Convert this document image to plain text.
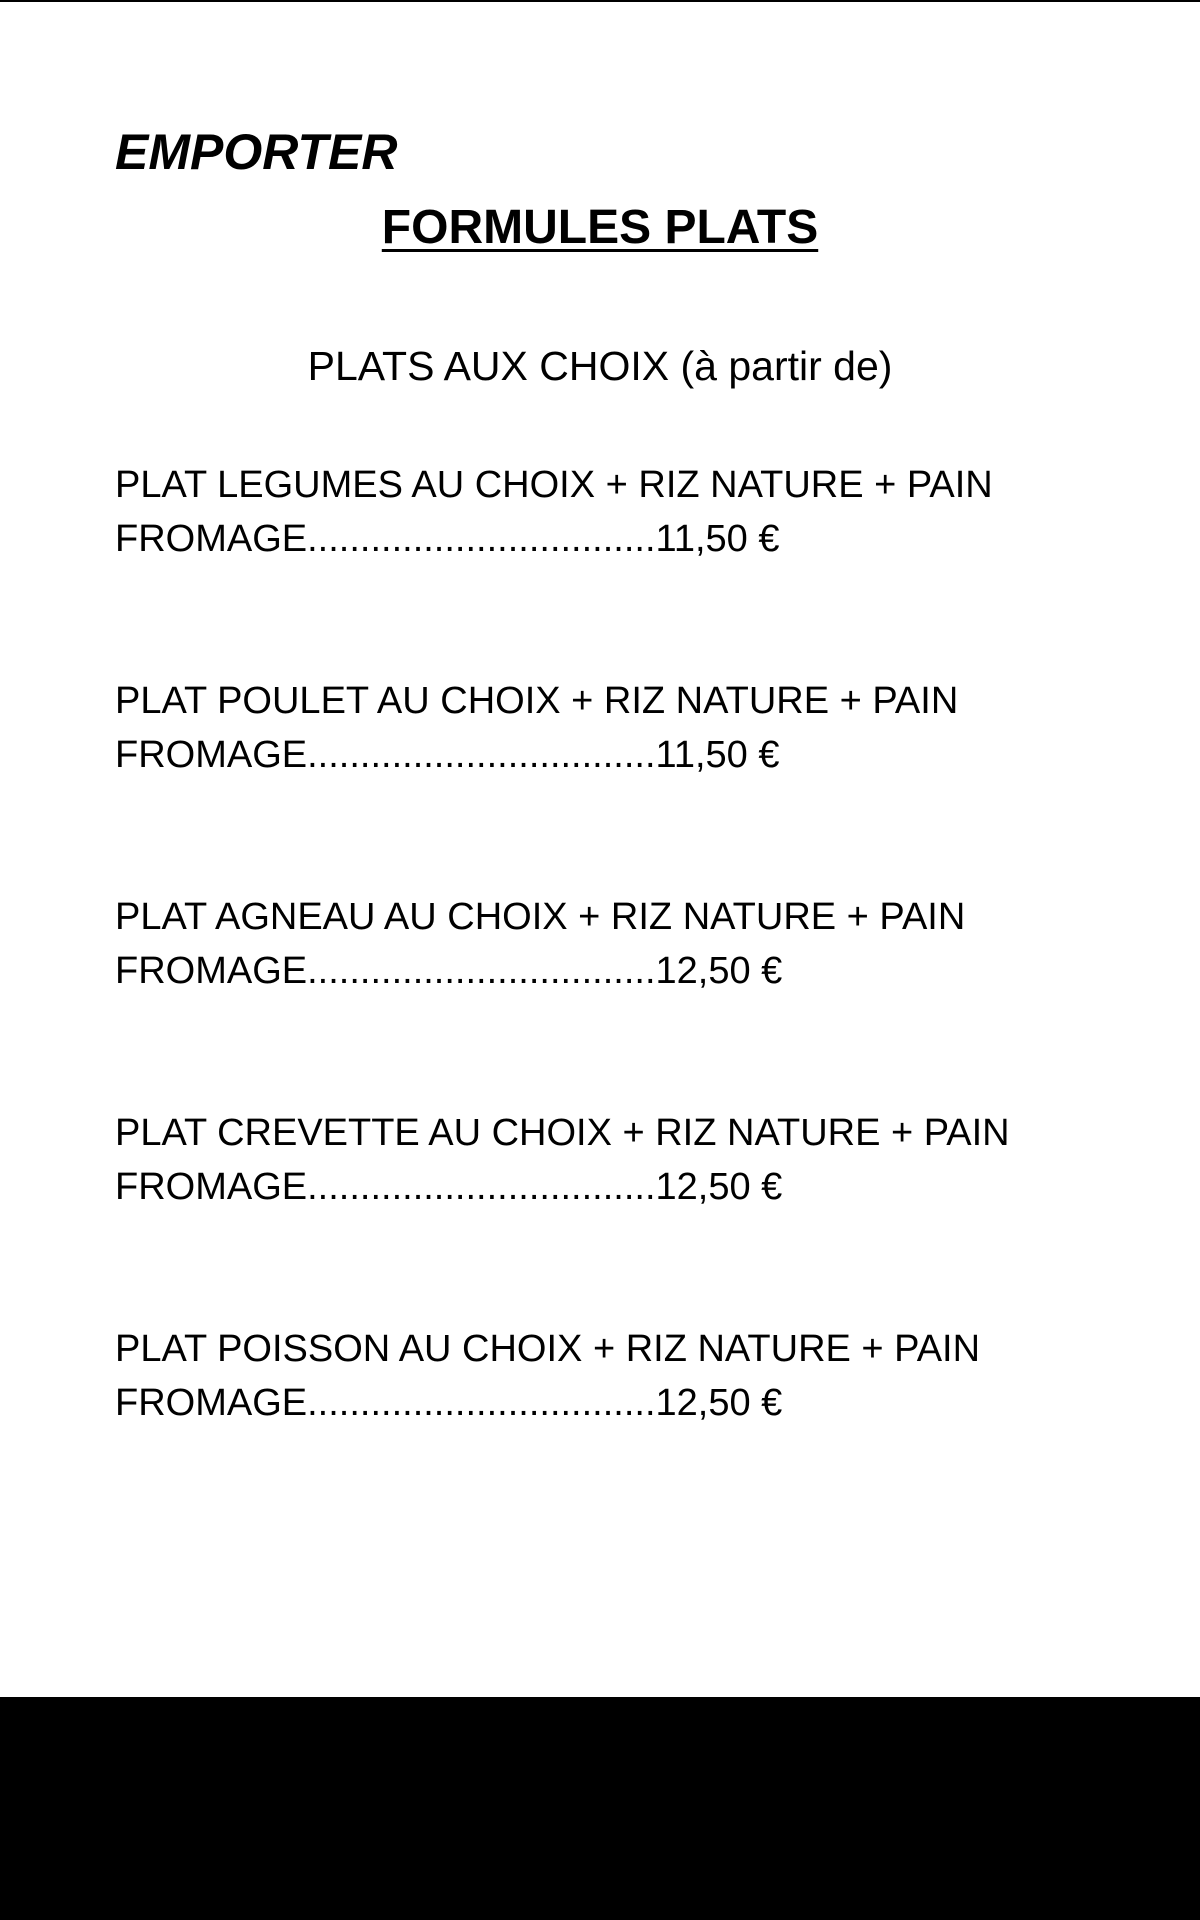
EMPORTER
FORMULES PLATS

PLATS AUX CHOIX (à partir de)

PLAT LEGUMES AU CHOIX + RIZ NATURE + PAIN
FROMAGE.................................11,50 €
PLAT POULET AU CHOIX + RIZ NATURE + PAIN
FROMAGE.................................11,50 €
PLAT AGNEAU AU CHOIX + RIZ NATURE + PAIN
FROMAGE.................................12,50 €
PLAT CREVETTE AU CHOIX + RIZ NATURE + PAIN
FROMAGE.................................12,50 €
PLAT POISSON AU CHOIX + RIZ NATURE + PAIN
FROMAGE.................................12,50 €
